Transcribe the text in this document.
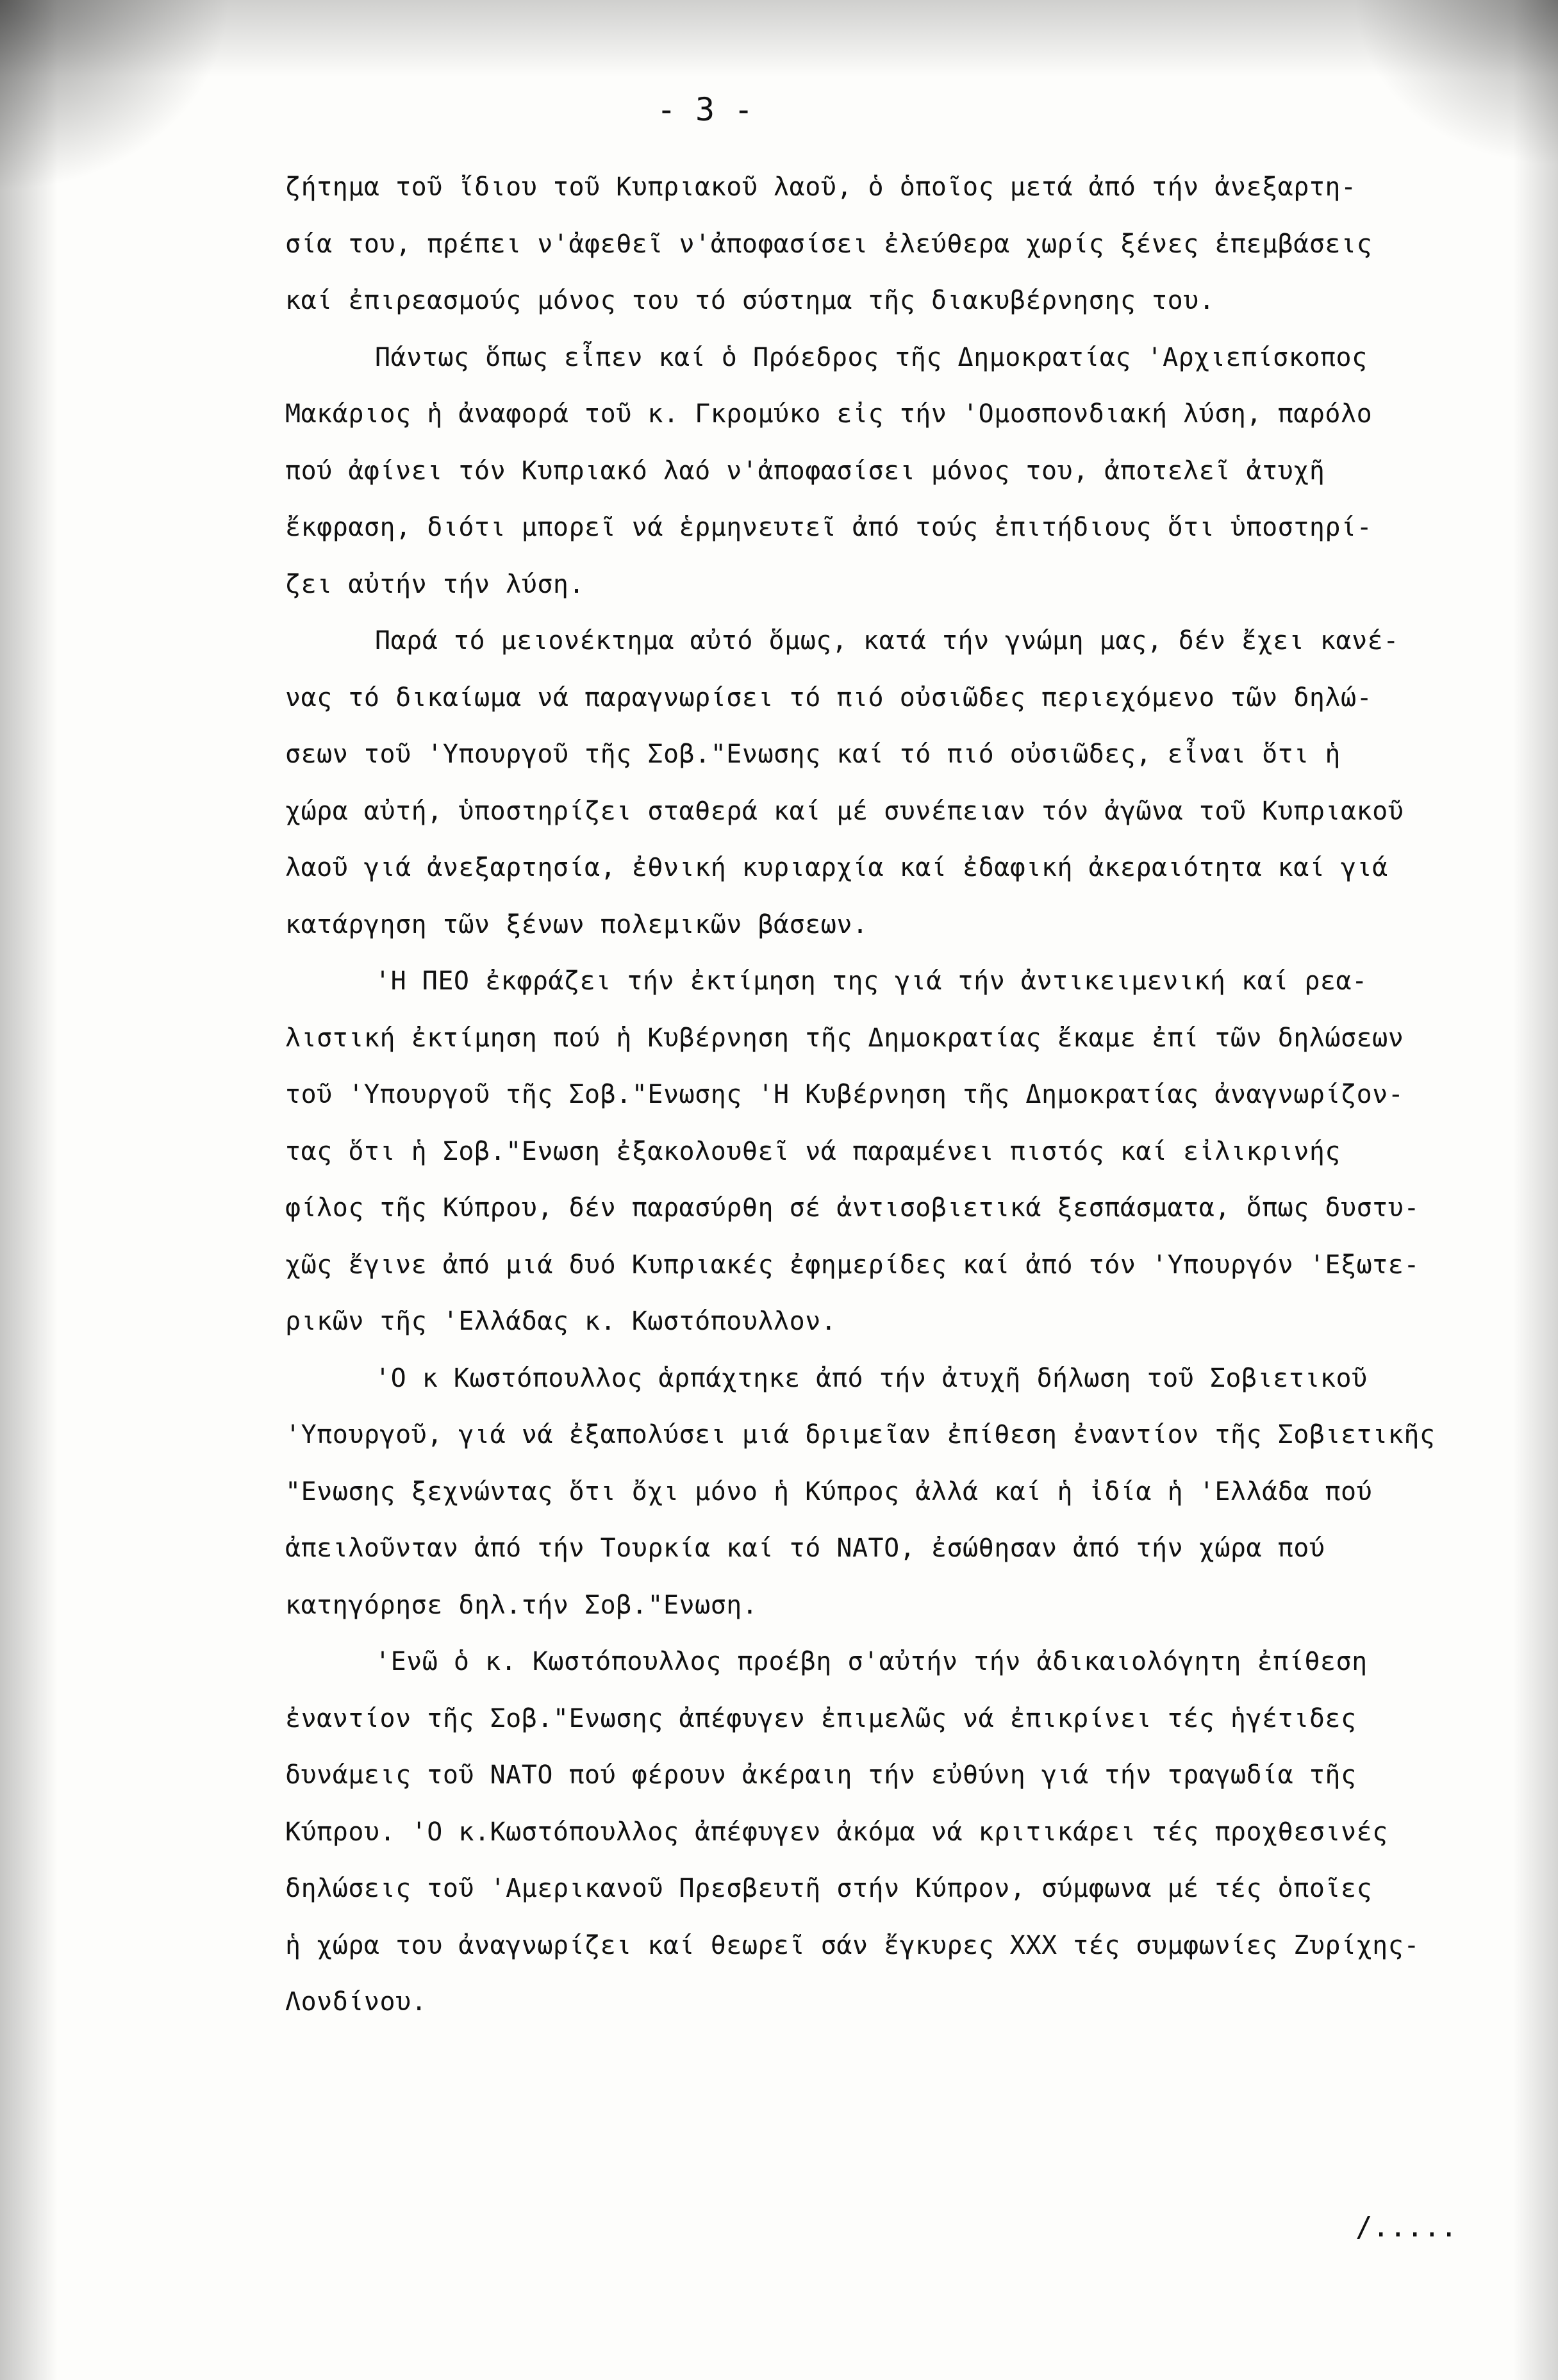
- 3 -
ζήτημα τοῦ ἴδιου τοῦ Κυπριακοῦ λαοῦ, ὁ ὁποῖος μετά ἀπό τήν ἀνεξαρτη-
σία του, πρέπει ν'ἀφεθεῖ ν'ἀποφασίσει ἐλεύθερα χωρίς ξένες ἐπεμβάσεις
καί ἐπιρεασμούς μόνος του τό σύστημα τῆς διακυβέρνησης του.
Πάντως ὅπως εἶπεν καί ὁ Πρόεδρος τῆς Δημοκρατίας 'Αρχιεπίσκοπος
Μακάριος ἡ ἀναφορά τοῦ κ. Γκρομύκο εἰς τήν 'Ομοσπονδιακή λύση, παρόλο
πού ἀφίνει τόν Κυπριακό λαό ν'ἀποφασίσει μόνος του, ἀποτελεῖ ἀτυχῆ
ἔκφραση, διότι μπορεῖ νά ἑρμηνευτεῖ ἀπό τούς ἐπιτήδιους ὅτι ὑποστηρί-
ζει αὐτήν τήν λύση.
Παρά τό μειονέκτημα αὐτό ὅμως, κατά τήν γνώμη μας, δέν ἔχει κανέ-
νας τό δικαίωμα νά παραγνωρίσει τό πιό οὐσιῶδες περιεχόμενο τῶν δηλώ-
σεων τοῦ 'Υπουργοῦ τῆς Σοβ."Ενωσης καί τό πιό οὐσιῶδες, εἶναι ὅτι ἡ
χώρα αὐτή, ὑποστηρίζει σταθερά καί μέ συνέπειαν τόν ἀγῶνα τοῦ Κυπριακοῦ
λαοῦ γιά ἀνεξαρτησία, ἐθνική κυριαρχία καί ἐδαφική ἀκεραιότητα καί γιά
κατάργηση τῶν ξένων πολεμικῶν βάσεων.
'Η ΠΕΟ ἐκφράζει τήν ἐκτίμηση της γιά τήν ἀντικειμενική καί ρεα-
λιστική ἐκτίμηση πού ἡ Κυβέρνηση τῆς Δημοκρατίας ἔκαμε ἐπί τῶν δηλώσεων
τοῦ 'Υπουργοῦ τῆς Σοβ."Ενωσης 'Η Κυβέρνηση τῆς Δημοκρατίας ἀναγνωρίζον-
τας ὅτι ἡ Σοβ."Ενωση ἐξακολουθεῖ νά παραμένει πιστός καί εἰλικρινής
φίλος τῆς Κύπρου, δέν παρασύρθη σέ ἀντισοβιετικά ξεσπάσματα, ὅπως δυστυ-
χῶς ἔγινε ἀπό μιά δυό Κυπριακές ἐφημερίδες καί ἀπό τόν 'Υπουργόν 'Εξωτε-
ρικῶν τῆς 'Ελλάδας κ. Κωστόπουλλον.
'Ο κ Κωστόπουλλος ἁρπάχτηκε ἀπό τήν ἀτυχῆ δήλωση τοῦ Σοβιετικοῦ
'Υπουργοῦ, γιά νά ἐξαπολύσει μιά δριμεῖαν ἐπίθεση ἐναντίον τῆς Σοβιετικῆς
"Ενωσης ξεχνώντας ὅτι ὄχι μόνο ἡ Κύπρος ἀλλά καί ἡ ἰδία ἡ 'Ελλάδα πού
ἀπειλοῦνταν ἀπό τήν Τουρκία καί τό ΝΑΤΟ, ἐσώθησαν ἀπό τήν χώρα πού
κατηγόρησε δηλ.τήν Σοβ."Ενωση.
'Ενῶ ὁ κ. Κωστόπουλλος προέβη σ'αὐτήν τήν ἀδικαιολόγητη ἐπίθεση
ἐναντίον τῆς Σοβ."Ενωσης ἀπέφυγεν ἐπιμελῶς νά ἐπικρίνει τές ἡγέτιδες
δυνάμεις τοῦ ΝΑΤΟ πού φέρουν ἀκέραιη τήν εὐθύνη γιά τήν τραγωδία τῆς
Κύπρου. 'Ο κ.Κωστόπουλλος ἀπέφυγεν ἀκόμα νά κριτικάρει τές προχθεσινές
δηλώσεις τοῦ 'Αμερικανοῦ Πρεσβευτῆ στήν Κύπρον, σύμφωνα μέ τές ὁποῖες
ἡ χώρα του ἀναγνωρίζει καί θεωρεῖ σάν ἔγκυρες ΧΧΧ τές συμφωνίες Ζυρίχης-
Λονδίνου.
/.....
